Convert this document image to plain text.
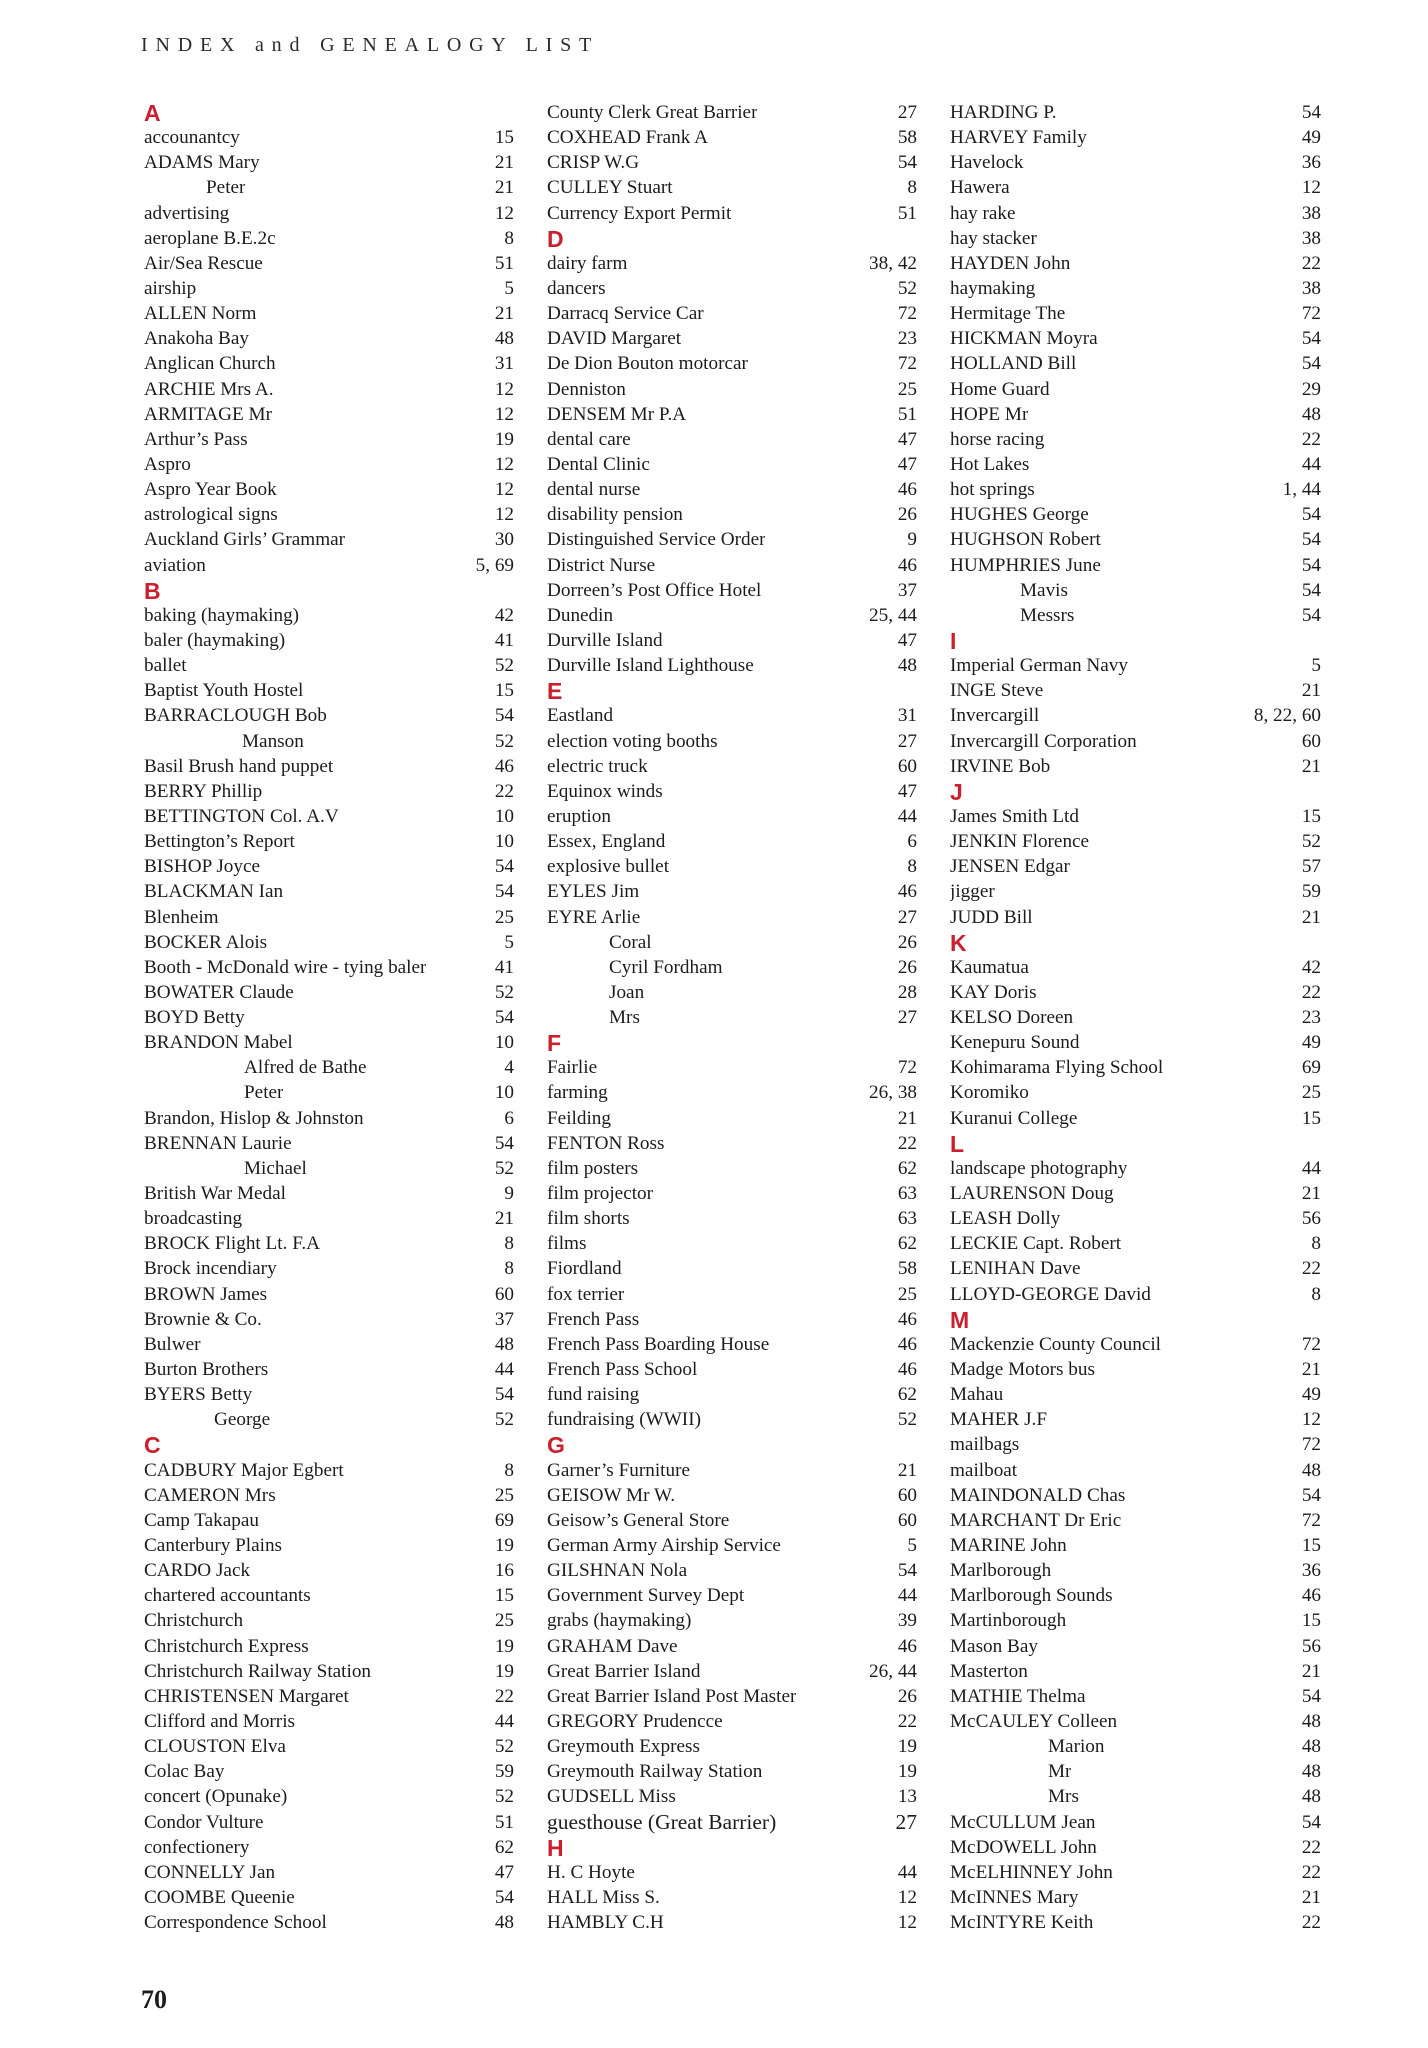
INDEX and GENEALOGY LIST
A
accounantcy	15
ADAMS Mary	21
Peter	21
advertising	12
aeroplane B.E.2c	8
Air/Sea Rescue	51
airship	5
ALLEN Norm	21
Anakoha Bay	48
Anglican Church	31
ARCHIE Mrs A.	12
ARMITAGE Mr	12
Arthur’s Pass	19
Aspro	12
Aspro Year Book	12
astrological signs	12
Auckland Girls’ Grammar	30
aviation	5, 69
B
baking (haymaking)	42
baler (haymaking)	41
ballet	52
Baptist Youth Hostel	15
BARRACLOUGH Bob	54
Manson	52
Basil Brush hand puppet	46
BERRY Phillip	22
BETTINGTON Col. A.V	10
Bettington’s Report	10
BISHOP Joyce	54
BLACKMAN Ian	54
Blenheim	25
BOCKER Alois	5
Booth - McDonald wire - tying baler	41
BOWATER Claude	52
BOYD Betty	54
BRANDON Mabel	10
Alfred de Bathe	4
Peter	10
Brandon, Hislop & Johnston	6
BRENNAN Laurie	54
Michael	52
British War Medal	9
broadcasting	21
BROCK Flight Lt. F.A	8
Brock incendiary	8
BROWN James	60
Brownie & Co.	37
Bulwer	48
Burton Brothers	44
BYERS Betty	54
George	52
C
CADBURY Major Egbert	8
CAMERON Mrs	25
Camp Takapau	69
Canterbury Plains	19
CARDO Jack	16
chartered accountants	15
Christchurch	25
Christchurch Express	19
Christchurch Railway Station	19
CHRISTENSEN Margaret	22
Clifford and Morris	44
CLOUSTON Elva	52
Colac Bay	59
concert (Opunake)	52
Condor Vulture	51
confectionery	62
CONNELLY Jan	47
COOMBE Queenie	54
Correspondence School	48
County Clerk Great Barrier	27
COXHEAD Frank A	58
CRISP W.G	54
CULLEY Stuart	8
Currency Export Permit	51
D
dairy farm	38, 42
dancers	52
Darracq Service Car	72
DAVID Margaret	23
De Dion Bouton motorcar	72
Denniston	25
DENSEM Mr P.A	51
dental care	47
Dental Clinic	47
dental nurse	46
disability pension	26
Distinguished Service Order	9
District Nurse	46
Dorreen’s Post Office Hotel	37
Dunedin	25, 44
Durville Island	47
Durville Island Lighthouse	48
E
Eastland	31
election voting booths	27
electric truck	60
Equinox winds	47
eruption	44
Essex, England	6
explosive bullet	8
EYLES Jim	46
EYRE Arlie	27
Coral	26
Cyril Fordham	26
Joan	28
Mrs	27
F
Fairlie	72
farming	26, 38
Feilding	21
FENTON Ross	22
film posters	62
film projector	63
film shorts	63
films	62
Fiordland	58
fox terrier	25
French Pass	46
French Pass Boarding House	46
French Pass School	46
fund raising	62
fundraising (WWII)	52
G
Garner’s Furniture	21
GEISOW Mr W.	60
Geisow’s General Store	60
German Army Airship Service	5
GILSHNAN Nola	54
Government Survey Dept	44
grabs (haymaking)	39
GRAHAM Dave	46
Great Barrier Island	26, 44
Great Barrier Island Post Master	26
GREGORY Prudencce	22
Greymouth Express	19
Greymouth Railway Station	19
GUDSELL Miss	13
guesthouse (Great Barrier)	27
H
H. C Hoyte	44
HALL Miss S.	12
HAMBLY C.H	12
HARDING P.	54
HARVEY Family	49
Havelock	36
Hawera	12
hay rake	38
hay stacker	38
HAYDEN John	22
haymaking	38
Hermitage The	72
HICKMAN Moyra	54
HOLLAND Bill	54
Home Guard	29
HOPE Mr	48
horse racing	22
Hot Lakes	44
hot springs	1, 44
HUGHES George	54
HUGHSON Robert	54
HUMPHRIES June	54
Mavis	54
Messrs	54
I
Imperial German Navy	5
INGE Steve	21
Invercargill	8, 22, 60
Invercargill Corporation	60
IRVINE Bob	21
J
James Smith Ltd	15
JENKIN Florence	52
JENSEN Edgar	57
jigger	59
JUDD Bill	21
K
Kaumatua	42
KAY Doris	22
KELSO Doreen	23
Kenepuru Sound	49
Kohimarama Flying School	69
Koromiko	25
Kuranui College	15
L
landscape photography	44
LAURENSON Doug	21
LEASH Dolly	56
LECKIE Capt. Robert	8
LENIHAN Dave	22
LLOYD-GEORGE David	8
M
Mackenzie County Council	72
Madge Motors bus	21
Mahau	49
MAHER J.F	12
mailbags	72
mailboat	48
MAINDONALD Chas	54
MARCHANT Dr Eric	72
MARINE John	15
Marlborough	36
Marlborough Sounds	46
Martinborough	15
Mason Bay	56
Masterton	21
MATHIE Thelma	54
McCAULEY Colleen	48
Marion	48
Mr	48
Mrs	48
McCULLUM Jean	54
McDOWELL John	22
McELHINNEY John	22
McINNES Mary	21
McINTYRE Keith	22
70
